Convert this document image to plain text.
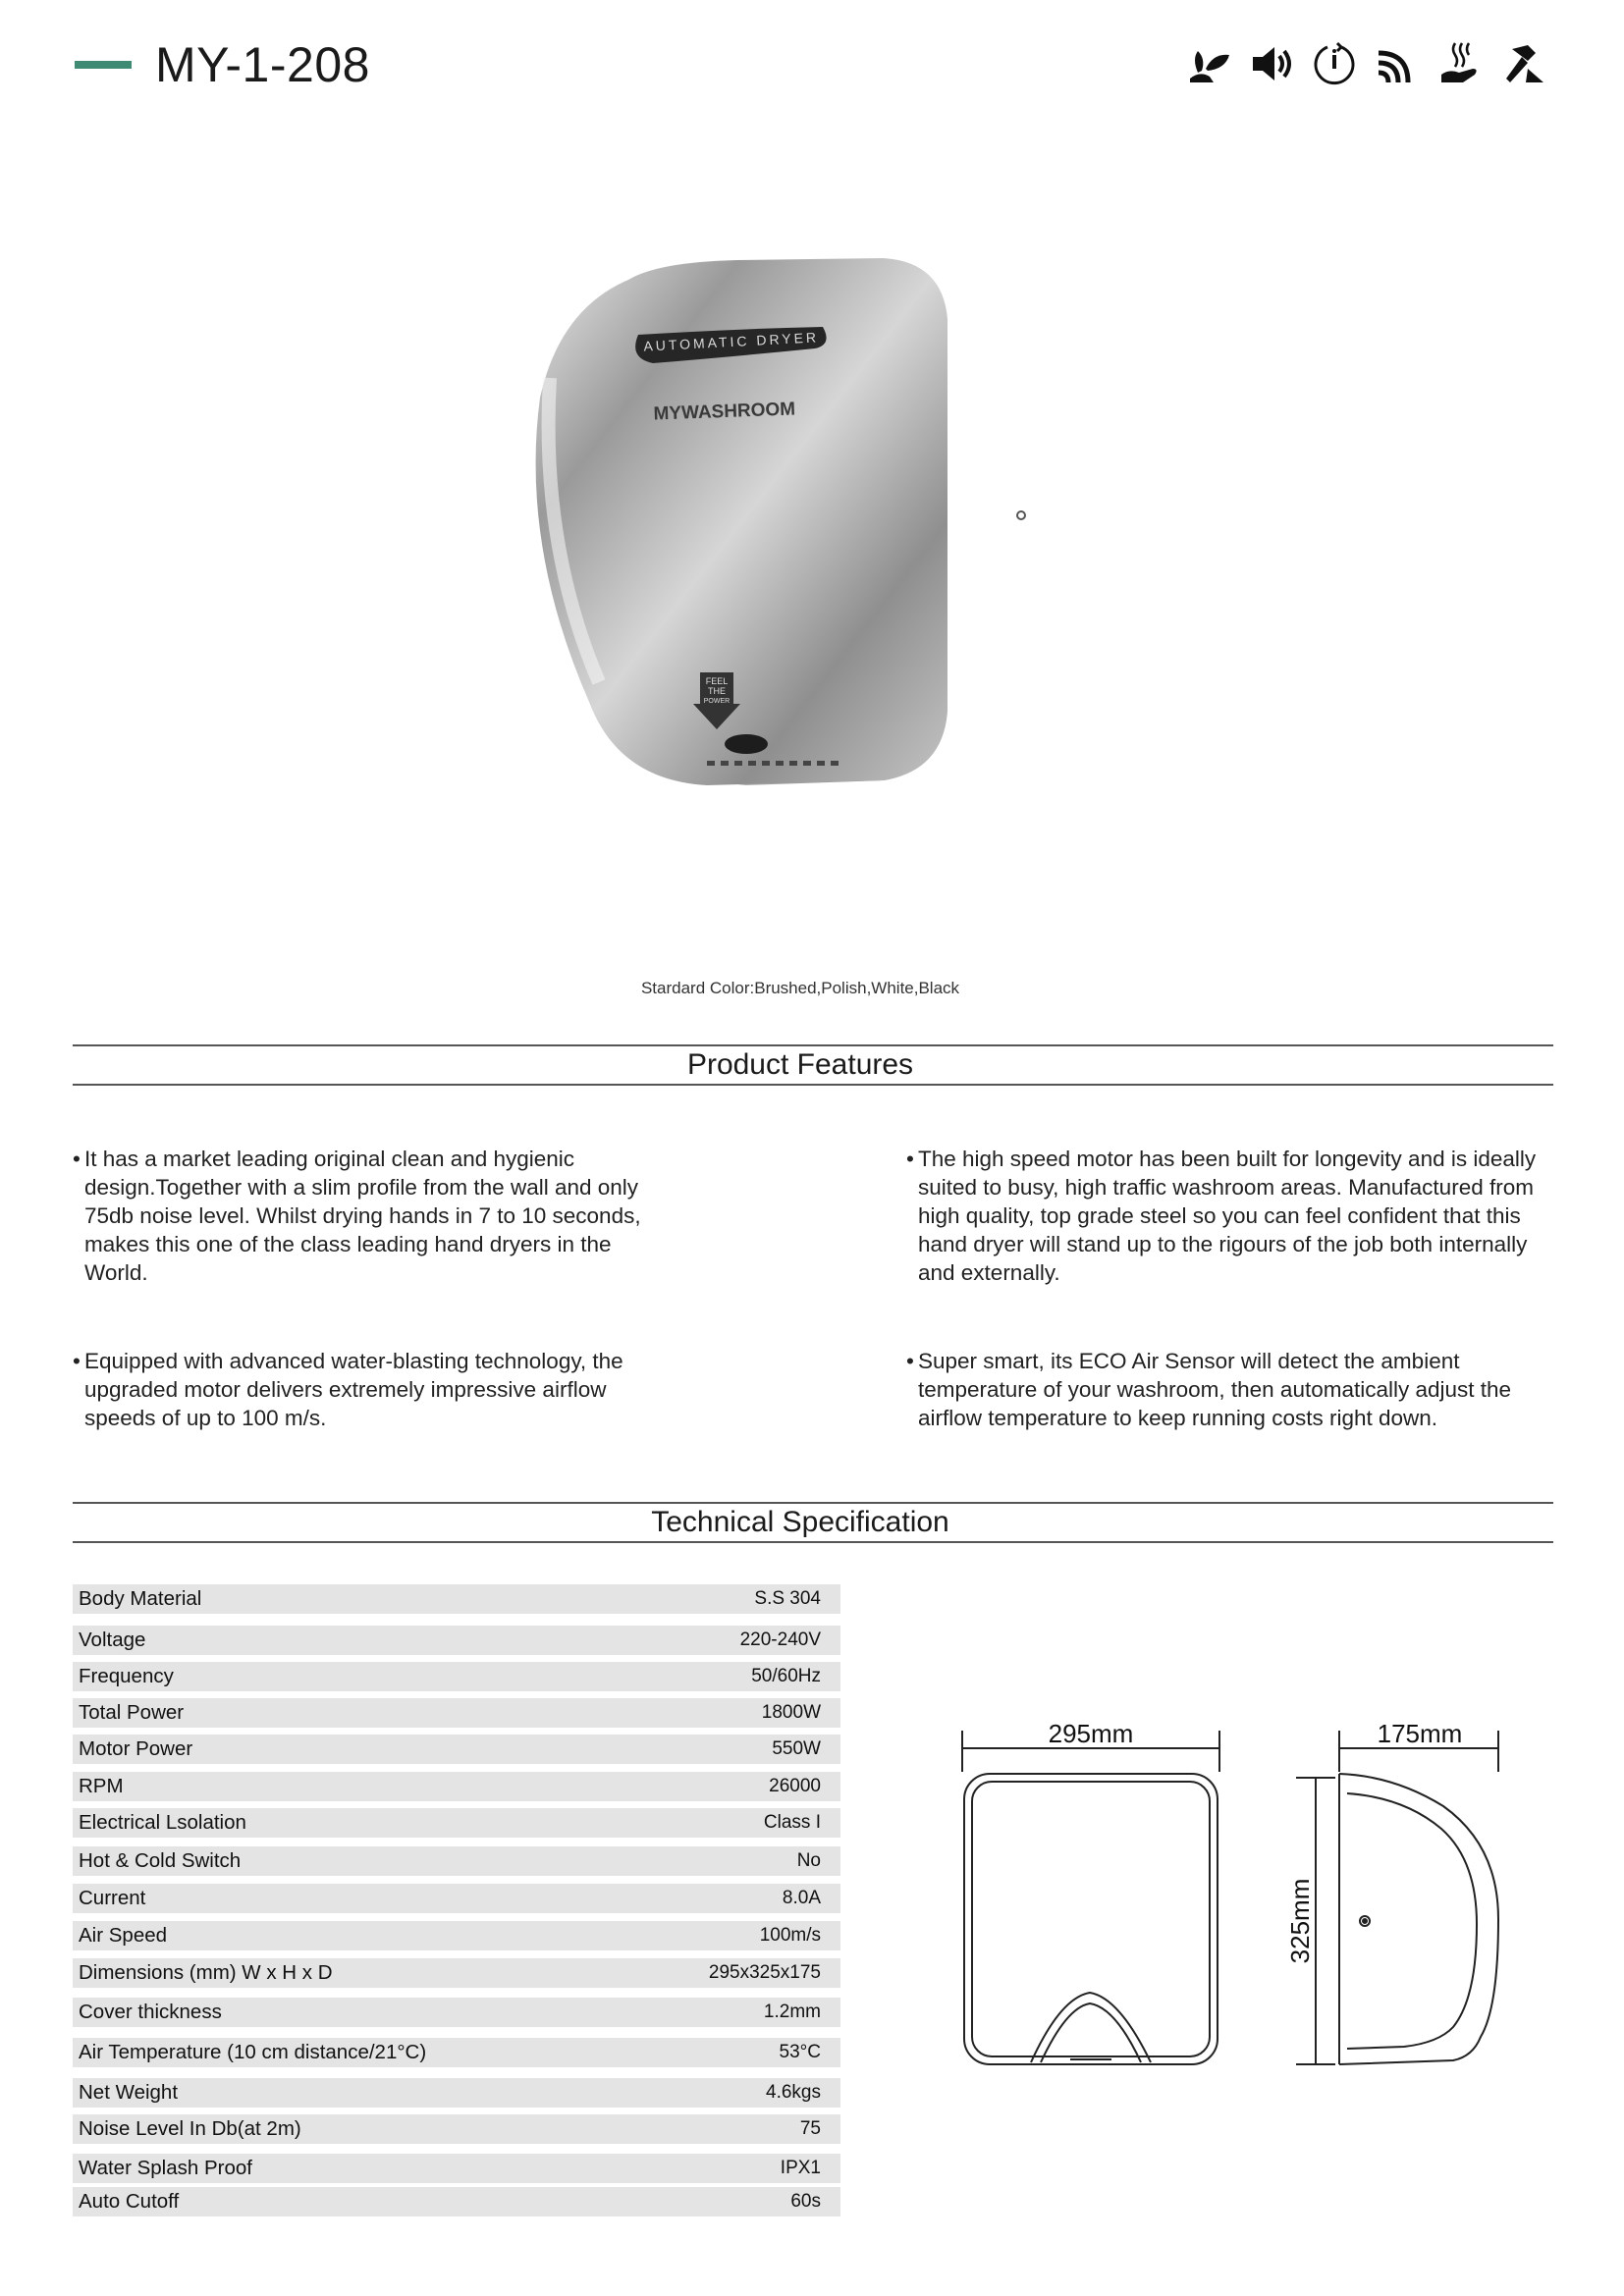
MY-1-208
AUTOMATIC DRYER
MYWASHROOM
FEEL
THE
POWER
Stardard Color:Brushed,Polish,White,Black
Product Features
• It has a market leading original clean and hygienic design.Together with a slim profile from the wall and only 75db noise level. Whilst drying hands in 7 to 10 seconds, makes this one of the class leading hand dryers in the World.
• The high speed motor has been built for longevity and is ideally suited to busy, high traffic washroom areas. Manufactured from high quality, top grade steel so you can feel confident that this hand dryer will stand up to the rigours of the job both internally and externally.
• Equipped with advanced water-blasting technology, the upgraded motor delivers extremely impressive airflow speeds of up to 100 m/s.
• Super smart, its ECO Air Sensor will detect the ambient temperature of your washroom, then automatically adjust the airflow temperature to keep running costs right down.
Technical Specification
Body Material	S.S 304
Voltage	220-240V
Frequency	50/60Hz
Total Power	1800W
Motor Power	550W
RPM	26000
Electrical Lsolation	Class I
Hot & Cold Switch	No
Current	8.0A
Air Speed	100m/s
Dimensions (mm) W x H x D	295x325x175
Cover thickness	1.2mm
Air Temperature (10 cm distance/21°C)	53°C
Net Weight	4.6kgs
Noise Level In Db(at 2m)	75
Water Splash Proof	IPX1
Auto Cutoff	60s
295mm	175mm
325mm
